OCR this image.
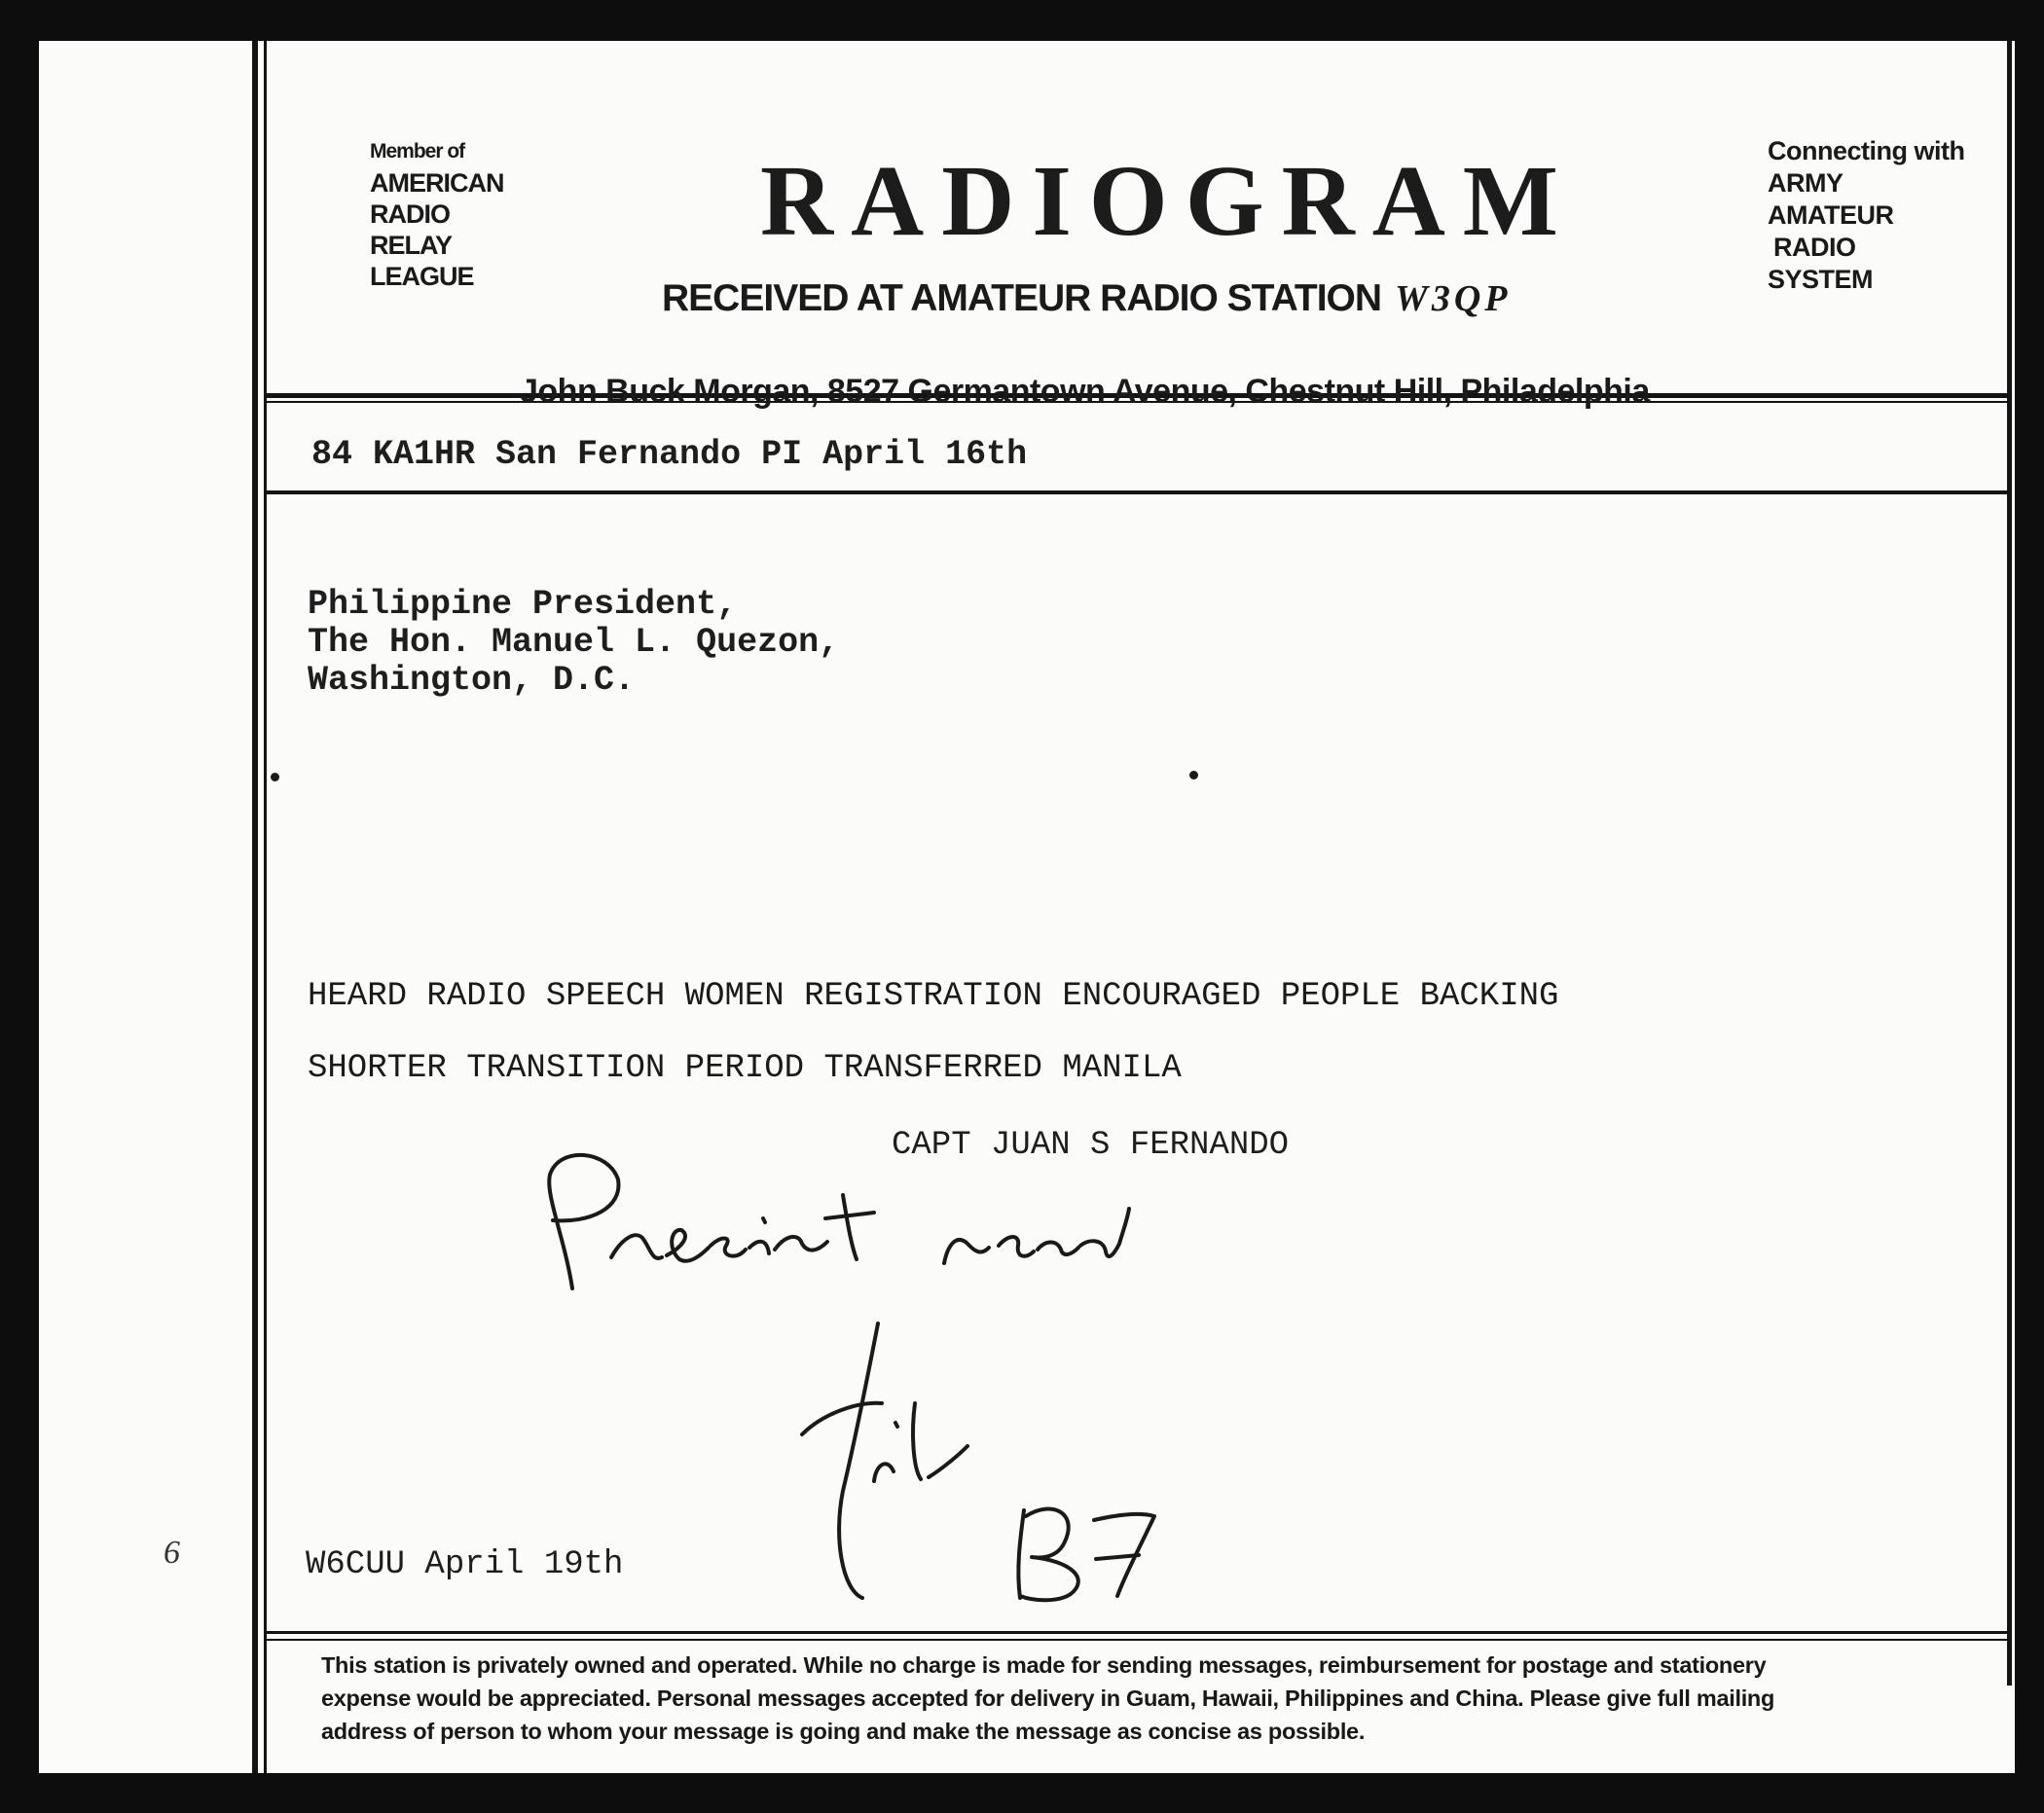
Member of
AMERICAN
RADIO
RELAY
LEAGUE
RADIOGRAM
RECEIVED AT AMATEUR RADIO STATION W3QP
Connecting with
ARMY
AMATEUR
RADIO
SYSTEM
John Buck Morgan, 8527 Germantown Avenue, Chestnut Hill, Philadelphia
84 KA1HR San Fernando PI April 16th
Philippine President,
The Hon. Manuel L. Quezon,
Washington, D.C.
HEARD RADIO SPEECH WOMEN REGISTRATION ENCOURAGED PEOPLE BACKING
SHORTER TRANSITION PERIOD TRANSFERRED MANILA
CAPT JUAN S FERNANDO
6	W6CUU April 19th
This station is privately owned and operated. While no charge is made for sending messages, reimbursement for postage and stationery
expense would be appreciated. Personal messages accepted for delivery in Guam, Hawaii, Philippines and China. Please give full mailing
address of person to whom your message is going and make the message as concise as possible.
